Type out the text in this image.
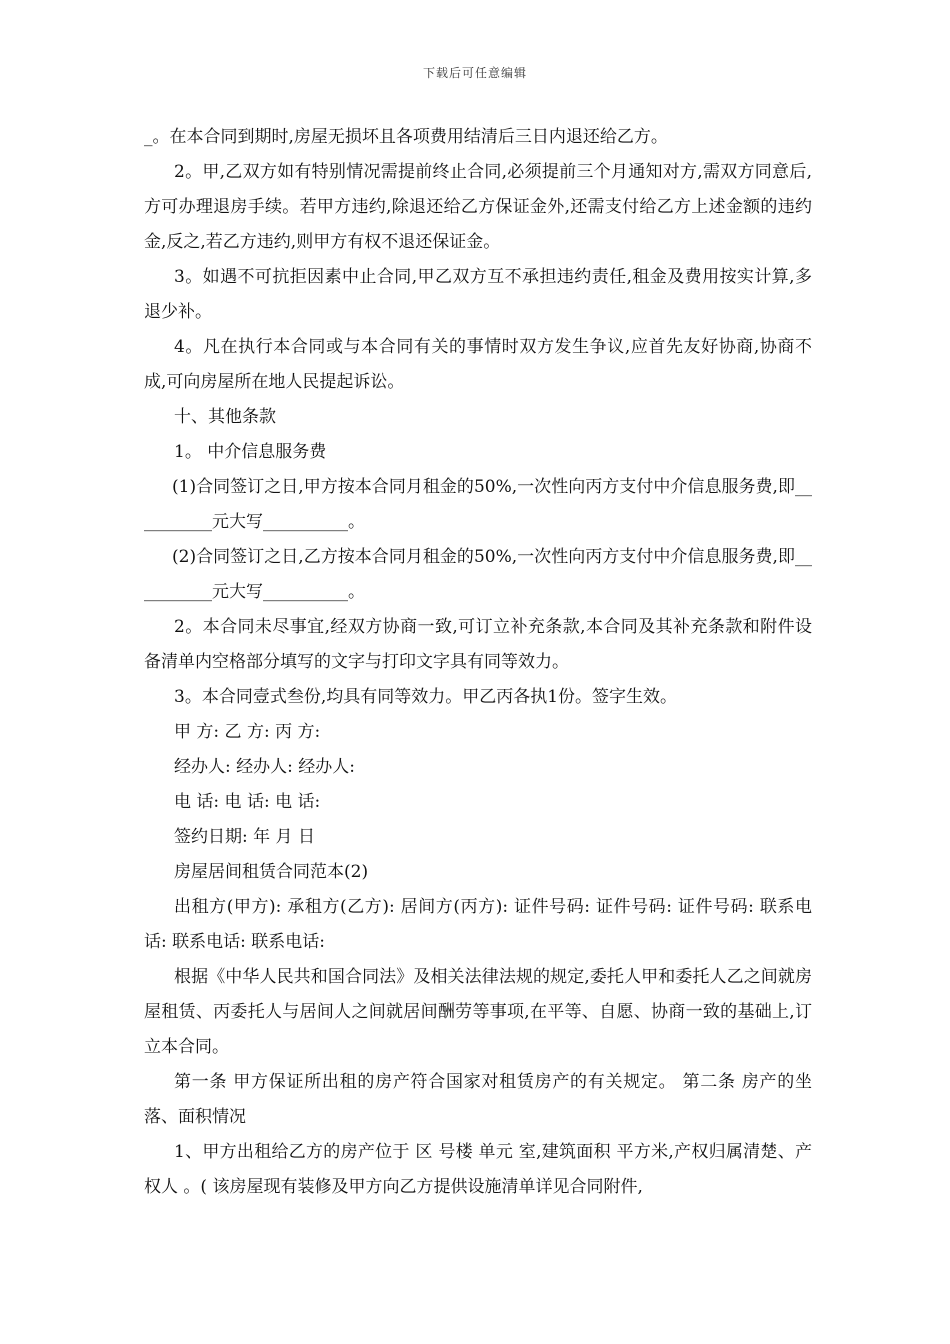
下载后可任意编辑

_。在本合同到期时,房屋无损坏且各项费用结清后三日内退还给乙方。

2。甲,乙双方如有特别情况需提前终止合同,必须提前三个月通知对方,需双方同意后,方可办理退房手续。若甲方违约,除退还给乙方保证金外,还需支付给乙方上述金额的违约金,反之,若乙方违约,则甲方有权不退还保证金。

3。如遇不可抗拒因素中止合同,甲乙双方互不承担违约责任,租金及费用按实计算,多退少补。

4。凡在执行本合同或与本合同有关的事情时双方发生争议,应首先友好协商,协商不成,可向房屋所在地人民提起诉讼。

十、其他条款

1。 中介信息服务费

(1)合同签订之日,甲方按本合同月租金的50%,一次性向丙方支付中介信息服务费,即__________元大写__________。

(2)合同签订之日,乙方按本合同月租金的50%,一次性向丙方支付中介信息服务费,即__________元大写__________。

2。本合同未尽事宜,经双方协商一致,可订立补充条款,本合同及其补充条款和附件设备清单内空格部分填写的文字与打印文字具有同等效力。

3。本合同壹式叁份,均具有同等效力。甲乙丙各执1份。签字生效。

甲 方: 乙 方: 丙 方:

经办人: 经办人: 经办人:

电 话: 电 话: 电 话:

签约日期: 年 月 日

房屋居间租赁合同范本(2)

出租方(甲方): 承租方(乙方): 居间方(丙方): 证件号码: 证件号码: 证件号码: 联系电话: 联系电话: 联系电话:

根据《中华人民共和国合同法》及相关法律法规的规定,委托人甲和委托人乙之间就房屋租赁、丙委托人与居间人之间就居间酬劳等事项,在平等、自愿、协商一致的基础上,订立本合同。

第一条 甲方保证所出租的房产符合国家对租赁房产的有关规定。 第二条 房产的坐落、面积情况

1、甲方出租给乙方的房产位于 区 号楼 单元 室,建筑面积 平方米,产权归属清楚、产权人 。( 该房屋现有装修及甲方向乙方提供设施清单详见合同附件,
